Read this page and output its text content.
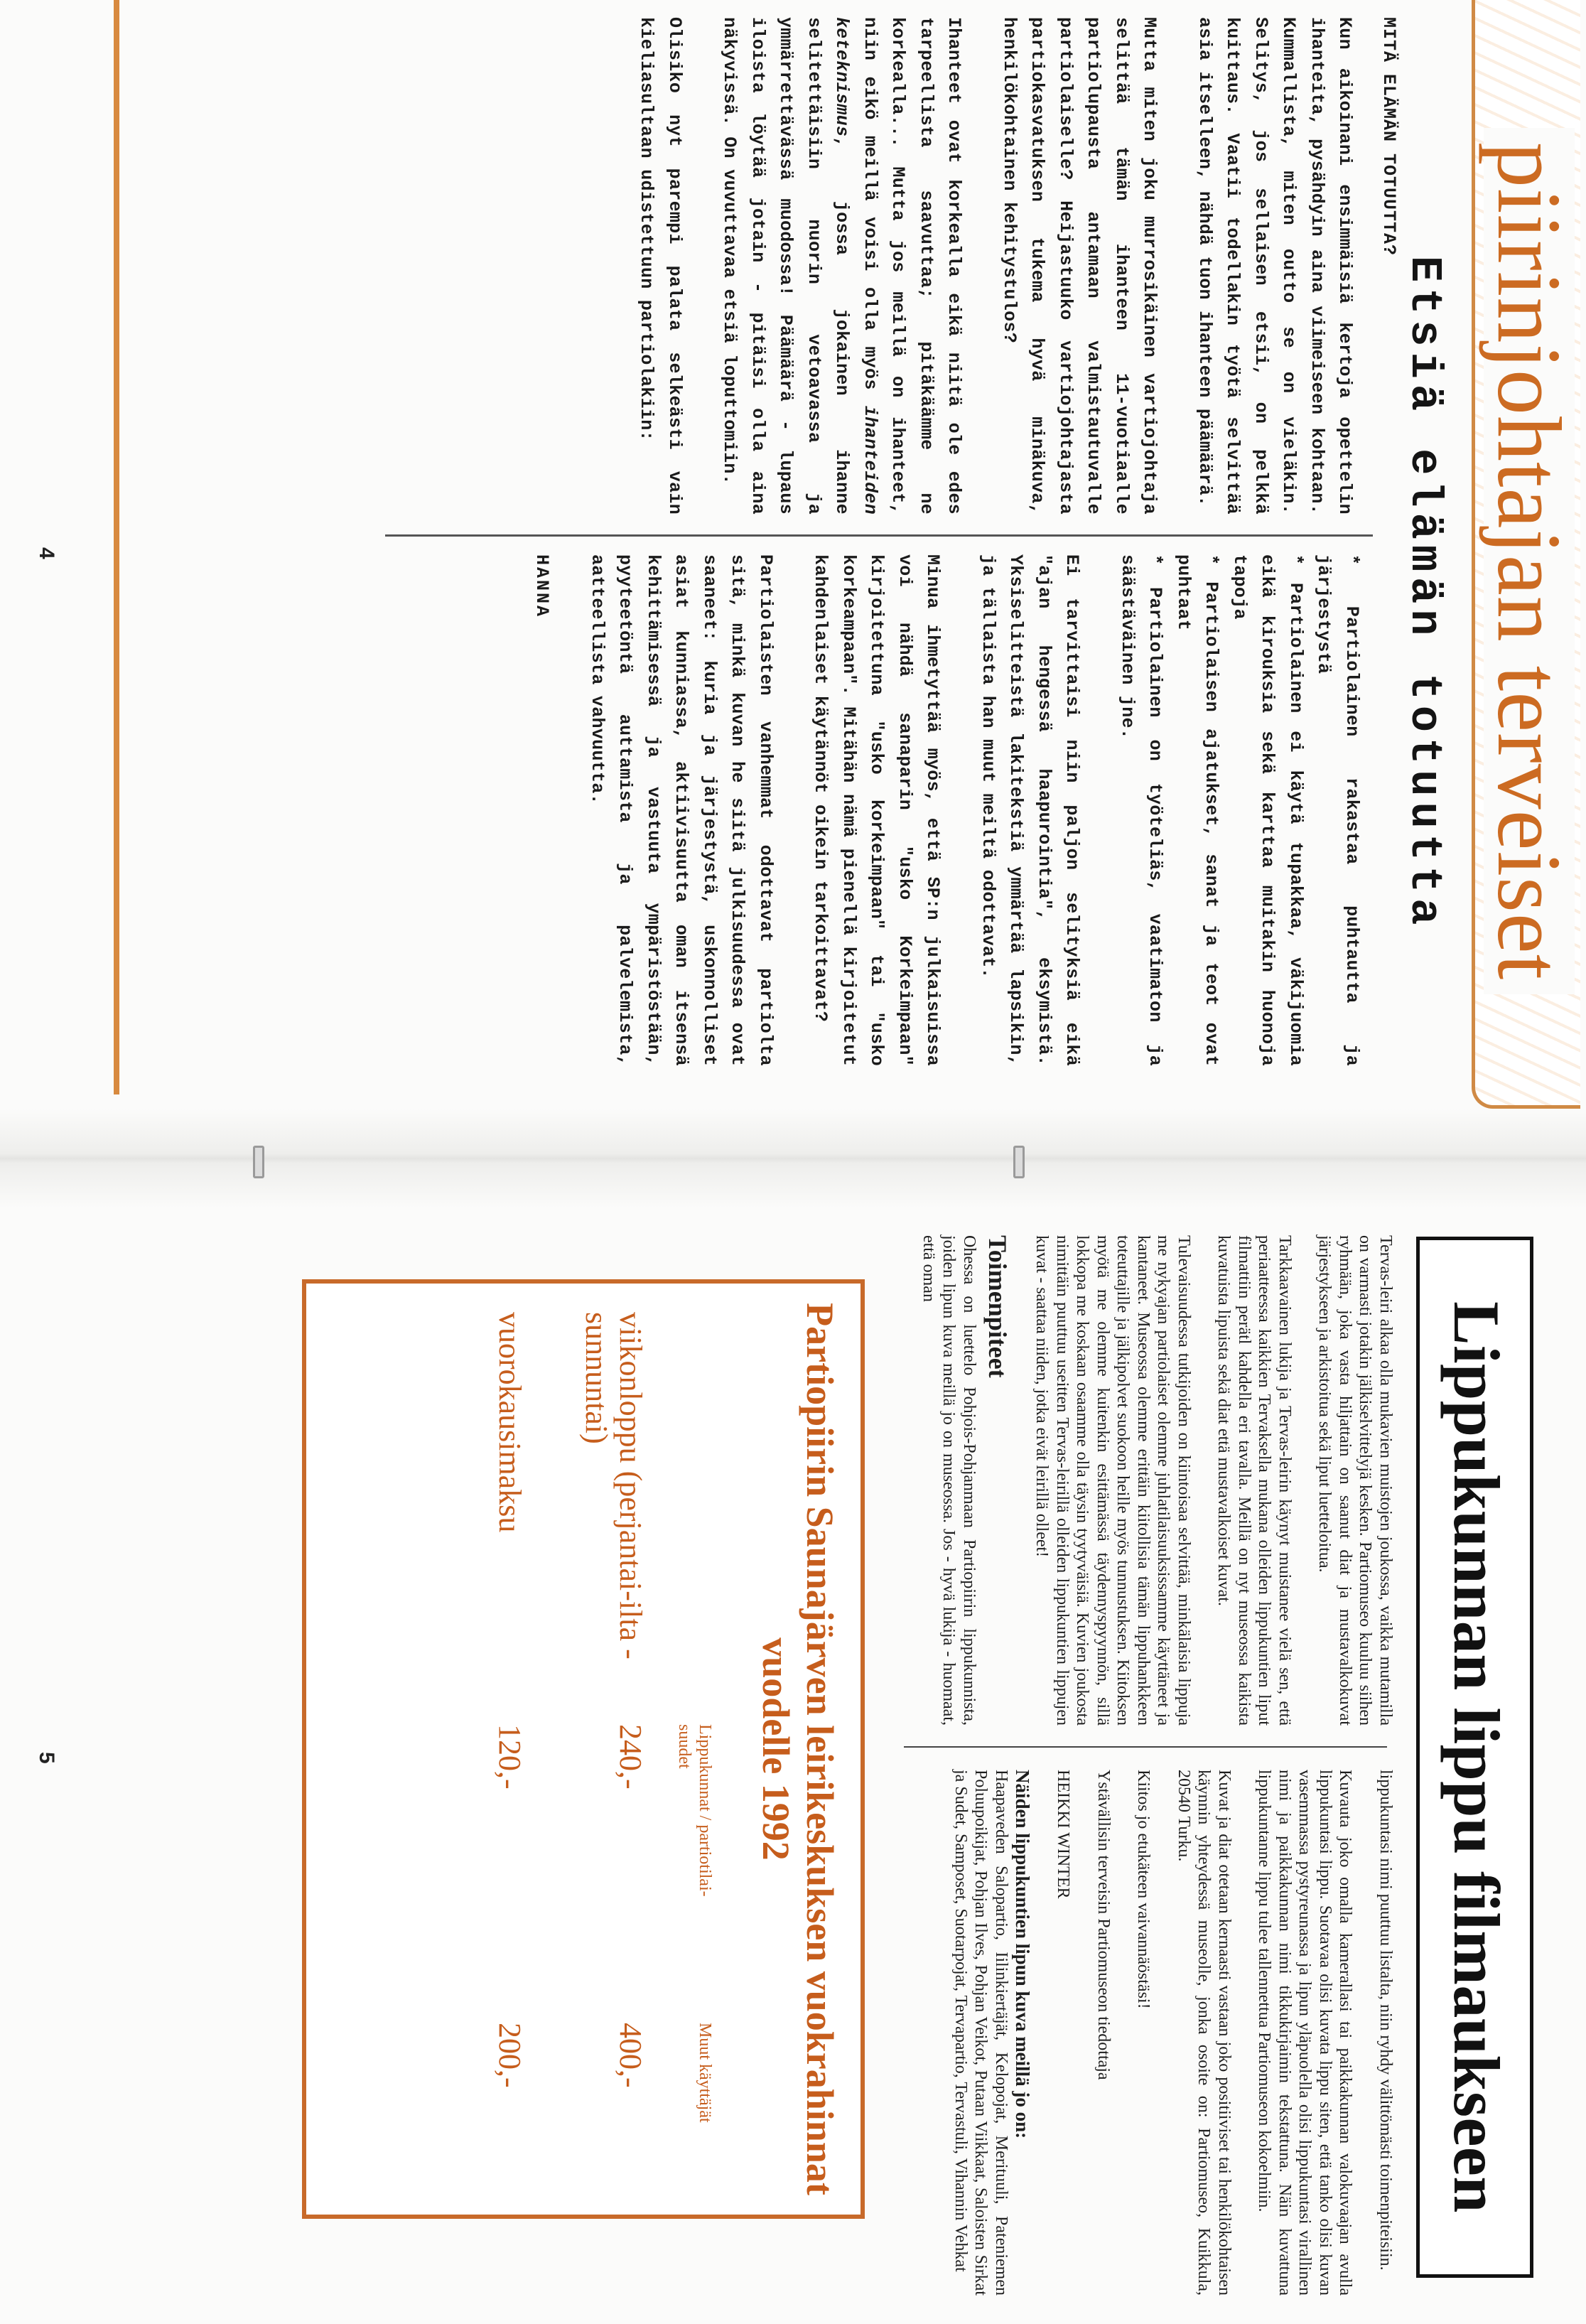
piirinjohtajan terveiset
Etsiä elämän totuutta
MITÄ ELÄMÄN TOTUUTTA?

Kun aikoinani ensimmäisiä kertoja opettelin ihanteita, pysähdyin aina viimeiseen kohtaan. Kummallista, miten outto se on vieläkin. Selitys, jos sellaisen etsii, on pelkkä kuittaus. Vaatii todellakin työtä selvittää asia itselleen, nähdä tuon ihanteen päämäärä.

Mutta miten joku murrosikäinen vartiojohtaja selittää tämän ihanteen 11-vuotiaalle partiolupausta antamaan valmistautuvalle partiolaiselle? Heijastuuko vartiojohtajasta partiokasvatuksen tukema hyvä minäkuva, henkilökohtainen kehitystulos?

Ihanteet ovat korkealla eikä niitä ole edes tarpeellista saavuttaa; pitäkäämme ne korkealla... Mutta jos meillä on ihanteet, niin eikö meillä voisi olla myös ihanteiden keteknismus, jossa jokainen ihanne selitettäisiin nuorin vetoavassa ja ymmärrettävässä muodossa! Päämäärä - lupaus iloista löytää jotain - pitäisi olla aina näkyvissä. On vuvuttavaa etsiä loputtomiin.

Olisiko nyt parempi palata selkeästi vain kieliasultaan udistettuun partiolakiin:

* Partiolainen rakastaa puhtautta ja järjestystä
* Partiolainen ei käytä tupakkaa, väkijuomia eikä kirouksia sekä karttaa muitakin huonoja tapoja
* Partiolaisen ajatukset, sanat ja teot ovat puhtaat
* Partiolainen on työteliäs, vaatimaton ja säästäväinen jne.

Ei tarvittaisi niin paljon selityksiä eikä "ajan hengessä haapurointia", eksymistä. Yksiselitteistä lakitekstiä ymmärtää lapsikin, ja tällaista han muut meiltä odottavat.

Minua ihmetyttää myös, että SP:n julkaisuissa voi nähdä sanaparin "usko Korkeimpaan" kirjoitettuna "usko korkeimpaan" tai "usko korkeampaan". Mitähän nämä pienellä kirjoitetut kahdenlaiset käytännöt oikein tarkoittavat?

Partiolaisten vanhemmat odottavat partiolta sitä, minkä kuvan he siitä julkisuudessa ovat saaneet: kuria ja järjestystä, uskonnolliset asiat kunniassa, aktiivisuutta oman itsensä kehittämisessä ja vastuuta ympäristöstään, pyyteetöntä auttamista ja palvelemista, aatteellista vahvuutta.

HANNA
4
Lippukunnan lippu filmaukseen

Tervas-leiri alkaa olla mukavien muistojen joukossa, vaikka mutamilla on varmasti jotakin jälkiselvittelyjä kesken. Partiomuseo kuuluu siihen ryhmään, joka vasta hiljattain on saanut diat ja mustavalkokuvat järjestykseen ja arkistoitua sekä liput luetteloitua.

Tarkkaavainen lukija ja Tervas-leirin käynyt muistanee vielä sen, että periaatteessa kaikkien Tervaksella mukana olleiden lippukuntien liput filmattiin perätl kahdella eri tavalla. Meillä on nyt museossa kaikista kuvatuista lipuista sekä diat että mustavalkoiset kuvat.

Tulevaisuudessa tutkijoiden on kiintoisaa selvittää, minkälaisia lippuja me nykyajan partiolaiset olemme juhlatilaisuuksissamme käyttäneet ja kantaneet. Museossa olemme erittäin kiitollisia tämän lippuhankkeen toteuttajille ja jälkipolvet suokoon heille myös tunnustuksen. Kiitoksen myötä me olemme kuitenkin esittämässä täydennyspyynnön, sillä lokkopa me koskaan osaamme olla täysin tyytyväisiä. Kuvien joukosta nimittäin puuttuu useitten Tervas-leirillä olleiden lippukuntien lippujen kuvat - saattaa niiden, jotka eivät leirillä olleet!

Toimenpiteet

Ohessa on luettelo Pohjois-Pohjanmaan Partiopiirin lippukunnista, joiden lipun kuva meillä jo on museossa. Jos - hyvä lukija - huomaat, että oman

lippukuntasi nimi puuttuu listalta, niin ryhdy välittömästi toimenpiteisiin.

Kuvauta joko omalla kamerallasi tai paikkakunnan valokuvaajan avulla lippukuntasi lippu. Suotavaa olisi kuvata lippu siten, että tanko olisi kuvan vasemmassa pystyreunassa ja lipun yläpuolella olisi lippukuntasi virallinen nimi ja paikkakunnan nimi tikkukirjaimin tekstattuna. Näin kuvattuna lippukuntanne lippu tulee tallennettua Partiomuseon kokoelmiin.

Kuvat ja diat otetaan kernaasti vastaan joko positiiviset tai henkilökohtaisen käynnin yhteydessä museolle, jonka osoite on: Partiomuseo, Kuikkula, 20540 Turku.

Kiitos jo etukäteen vaivannäöstäsi!

Ystävällisin terveisin Partiomuseon tiedottaja

HEIKKI WINTER

Näiden lippukuntien lipun kuva meillä jo on:

Haapaveden Salopartio, Iilinkiertäjät, Kelopojat, Merituuli, Pateniemen Poluupoikijat, Pohjan Ilves, Pohjan Veikot, Putaan Viikkaat, Saloisten Sirkat ja Sudet, Samposet, Suotarpojat, Tervapartio, Tervastuli, Vihannin Vehkat

Partiopiirin Saunajärven leirikeskuksen vuokrahinnat vuodelle 1992
Lippukunnat / partiotilai-suudet
Muut käyttäjät
viikonloppu (perjantai-ilta - sunnuntai)
240,-
400,-
vuorokausimaksu
120,-
200,-
5
